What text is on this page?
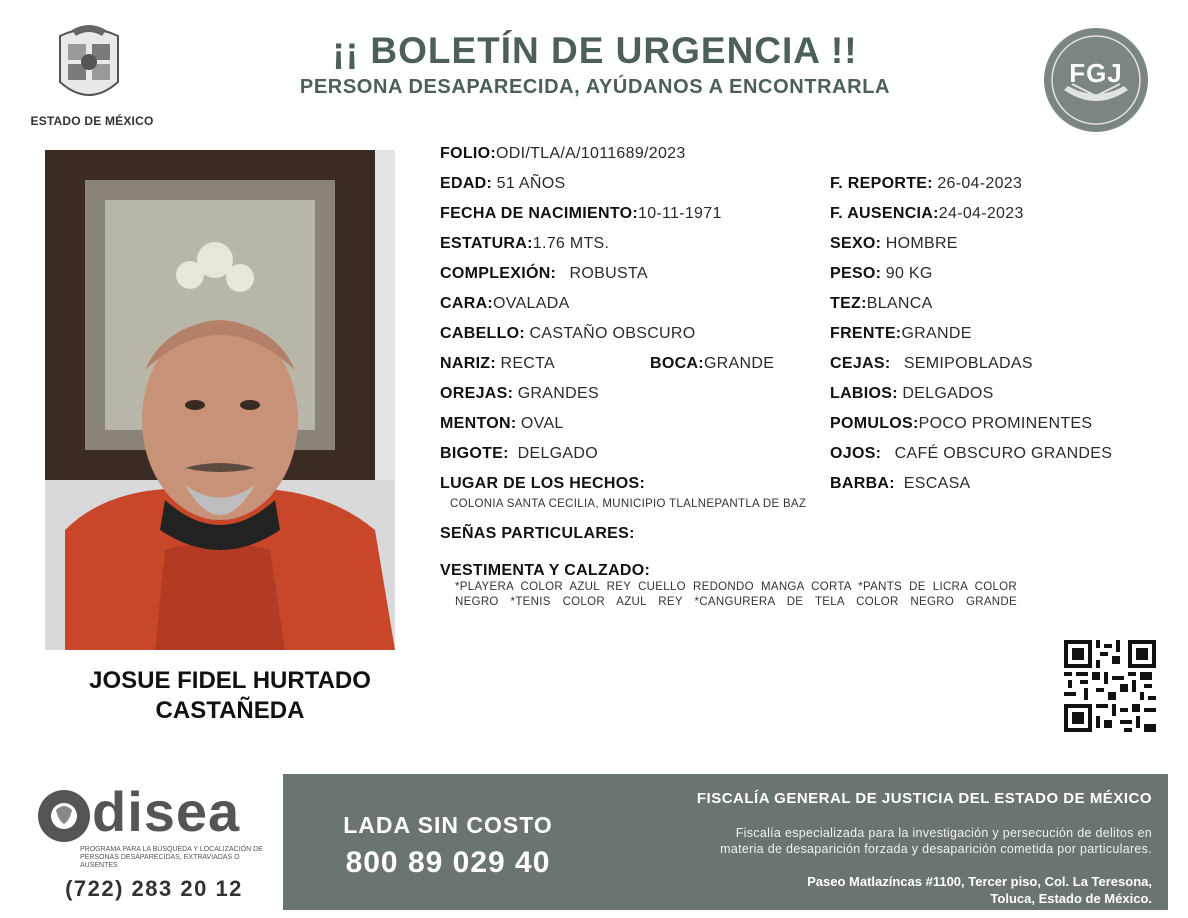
ESTADO DE MÉXICO
¡¡ BOLETÍN DE URGENCIA !!
PERSONA DESAPARECIDA, AYÚDANOS A ENCONTRARLA	FGJ
JOSUE FIDEL HURTADO
CASTAÑEDA
FOLIO:ODI/TLA/A/1011689/2023
EDAD: 51 AÑOS	F. REPORTE: 26-04-2023
FECHA DE NACIMIENTO:10-11-1971	F. AUSENCIA:24-04-2023
ESTATURA:1.76 MTS.	SEXO: HOMBRE
COMPLEXIÓN: ROBUSTA	PESO: 90 KG
CARA:OVALADA	TEZ:BLANCA
CABELLO: CASTAÑO OBSCURO	FRENTE:GRANDE
NARIZ: RECTA	BOCA:GRANDE	CEJAS: SEMIPOBLADAS
OREJAS: GRANDES	LABIOS: DELGADOS
MENTON: OVAL	POMULOS:POCO PROMINENTES
BIGOTE: DELGADO	OJOS: CAFÉ OBSCURO GRANDES
LUGAR DE LOS HECHOS:	BARBA: ESCASA
COLONIA SANTA CECILIA, MUNICIPIO TLALNEPANTLA DE BAZ
SEÑAS PARTICULARES:
VESTIMENTA Y CALZADO:
*PLAYERA COLOR AZUL REY CUELLO REDONDO MANGA CORTA *PANTS DE LICRA COLOR NEGRO *TENIS COLOR AZUL REY *CANGURERA DE TELA COLOR NEGRO GRANDE
disea
PROGRAMA PARA LA BÚSQUEDA Y LOCALIZACIÓN DE PERSONAS DESAPARECIDAS, EXTRAVIADAS O AUSENTES
(722) 283 20 12
LADA SIN COSTO
800 89 029 40
FISCALÍA GENERAL DE JUSTICIA DEL ESTADO DE MÉXICO
Fiscalía especializada para la investigación y persecución de delitos en
materia de desaparición forzada y desaparición cometida por particulares.
Paseo Matlazíncas #1100, Tercer piso, Col. La Teresona,
Toluca, Estado de México.
